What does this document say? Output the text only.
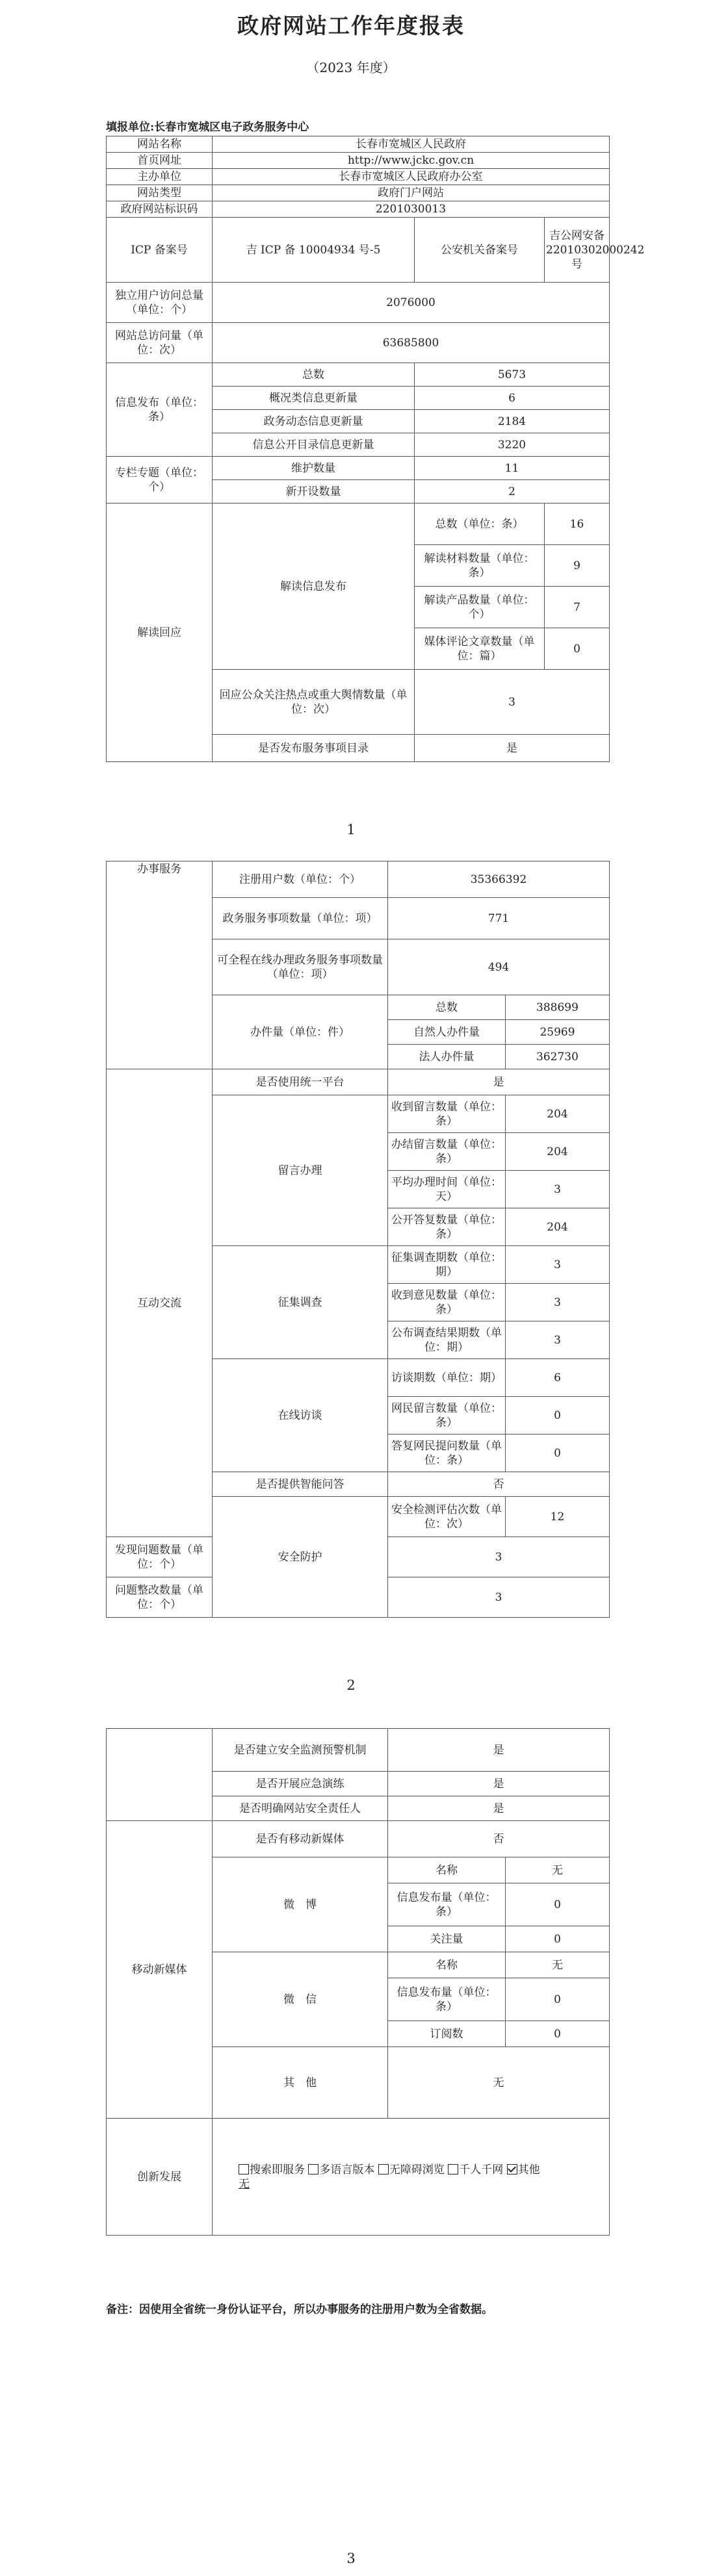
政府网站工作年度报表
（2023 年度）
填报单位:长春市宽城区电子政务服务中心
网站名称	长春市宽城区人民政府		
首页网址	http://www.jckc.gov.cn		
主办单位	长春市宽城区人民政府办公室		
网站类型	政府门户网站		
政府网站标识码	2201030013		
ICP 备案号	吉 ICP 备 10004934 号-5	公安机关备案号	吉公网安备 22010302000242 号
独立用户访问总量（单位：个）	2076000		
网站总访问量（单位：次）	63685800		
信息发布（单位：条）	总数	5673	
	概况类信息更新量	6	
	政务动态信息更新量	2184	
	信息公开目录信息更新量	3220	
专栏专题（单位：个）	维护数量	11	
	新开设数量	2	
解读回应	解读信息发布	总数（单位：条）	16
		解读材料数量（单位：条）	9
		解读产品数量（单位：个）	7
		媒体评论文章数量（单位：篇）	0
	回应公众关注热点或重大舆情数量（单位：次）	3	
	是否发布服务事项目录	是	
1
办事服务	注册用户数（单位：个）	35366392	
	政务服务事项数量（单位：项）	771	
	可全程在线办理政务服务事项数量（单位：项）	494	
	办件量（单位：件）	总数	388699
		自然人办件量	25969
		法人办件量	362730
互动交流	是否使用统一平台	是	
	留言办理	收到留言数量（单位：条）	204
		办结留言数量（单位：条）	204
		平均办理时间（单位：天）	3
		公开答复数量（单位：条）	204
	征集调查	征集调查期数（单位：期）	3
		收到意见数量（单位：条）	3
		公布调查结果期数（单位：期）	3
	在线访谈	访谈期数（单位：期）	6
		网民留言数量（单位：条）	0
		答复网民提问数量（单位：条）	0
	是否提供智能问答	否	
	安全防护	安全检测评估次数（单位：次）	12
发现问题数量（单位：个）		3	
问题整改数量（单位：个）		3	
2
	是否建立安全监测预警机制	是	
	是否开展应急演练	是	
	是否明确网站安全责任人	是	
移动新媒体	是否有移动新媒体	否	
	微　博	名称	无
		信息发布量（单位：条）	0
		关注量	0
	微　信	名称	无
		信息发布量（单位：条）	0
		订阅数	0
	其　他	无	
创新发展	搜索即服务 多语言版本 无障碍浏览 千人千网 其他
无		
备注：因使用全省统一身份认证平台，所以办事服务的注册用户数为全省数据。
3
